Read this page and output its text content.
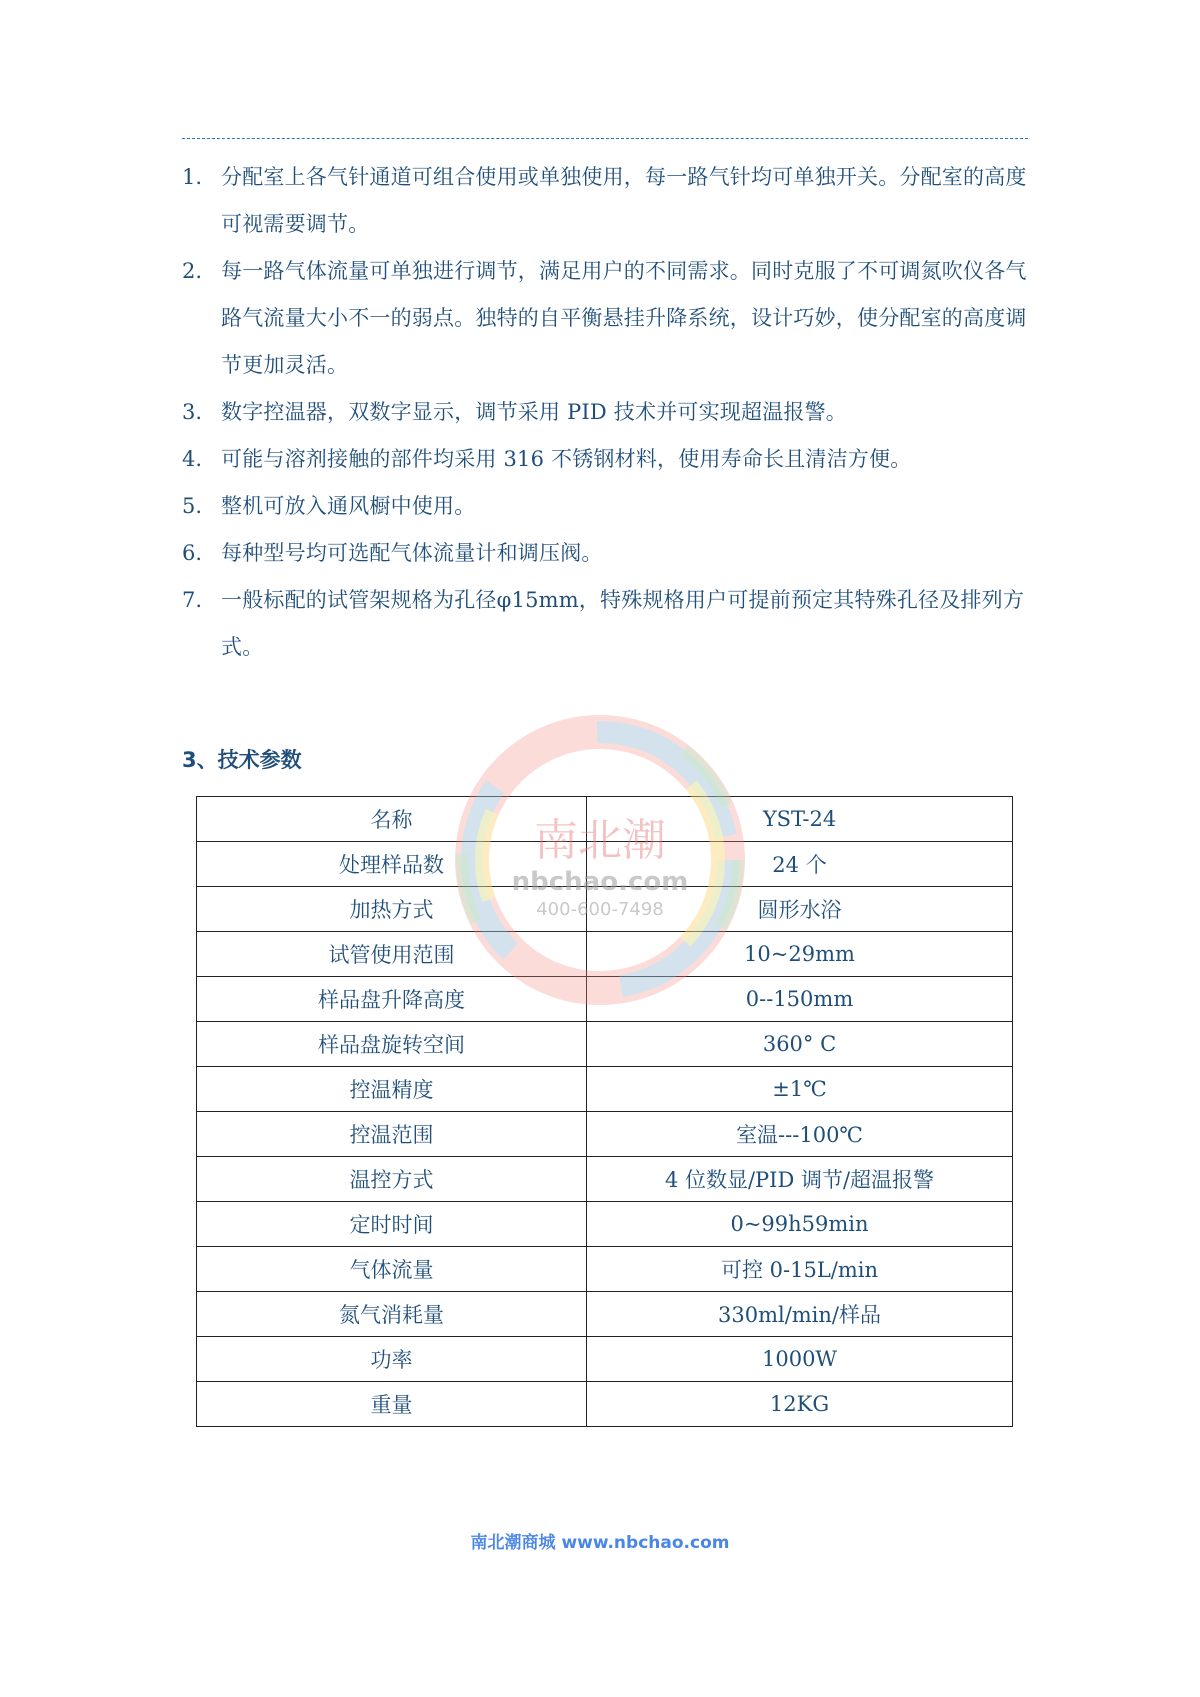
1. 分配室上各气针通道可组合使用或单独使用，每一路气针均可单独开关。分配室的高度可视需要调节。
2. 每一路气体流量可单独进行调节，满足用户的不同需求。同时克服了不可调氮吹仪各气路气流量大小不一的弱点。独特的自平衡悬挂升降系统，设计巧妙，使分配室的高度调节更加灵活。
3. 数字控温器，双数字显示，调节采用 PID 技术并可实现超温报警。
4. 可能与溶剂接触的部件均采用 316 不锈钢材料，使用寿命长且清洁方便。
5. 整机可放入通风橱中使用。
6. 每种型号均可选配气体流量计和调压阀。
7. 一般标配的试管架规格为孔径φ15mm，特殊规格用户可提前预定其特殊孔径及排列方式。
3、技术参数
名称	YST-24
处理样品数	24 个
加热方式	圆形水浴
试管使用范围	10~29mm
样品盘升降高度	0--150mm
样品盘旋转空间	360° C
控温精度	±1℃
控温范围	室温---100℃
温控方式	4 位数显/PID 调节/超温报警
定时时间	0~99h59min
气体流量	可控 0-15L/min
氮气消耗量	330ml/min/样品
功率	1000W
重量	12KG
南北潮
nbchao.com
400-600-7498
南北潮商城 www.nbchao.com
